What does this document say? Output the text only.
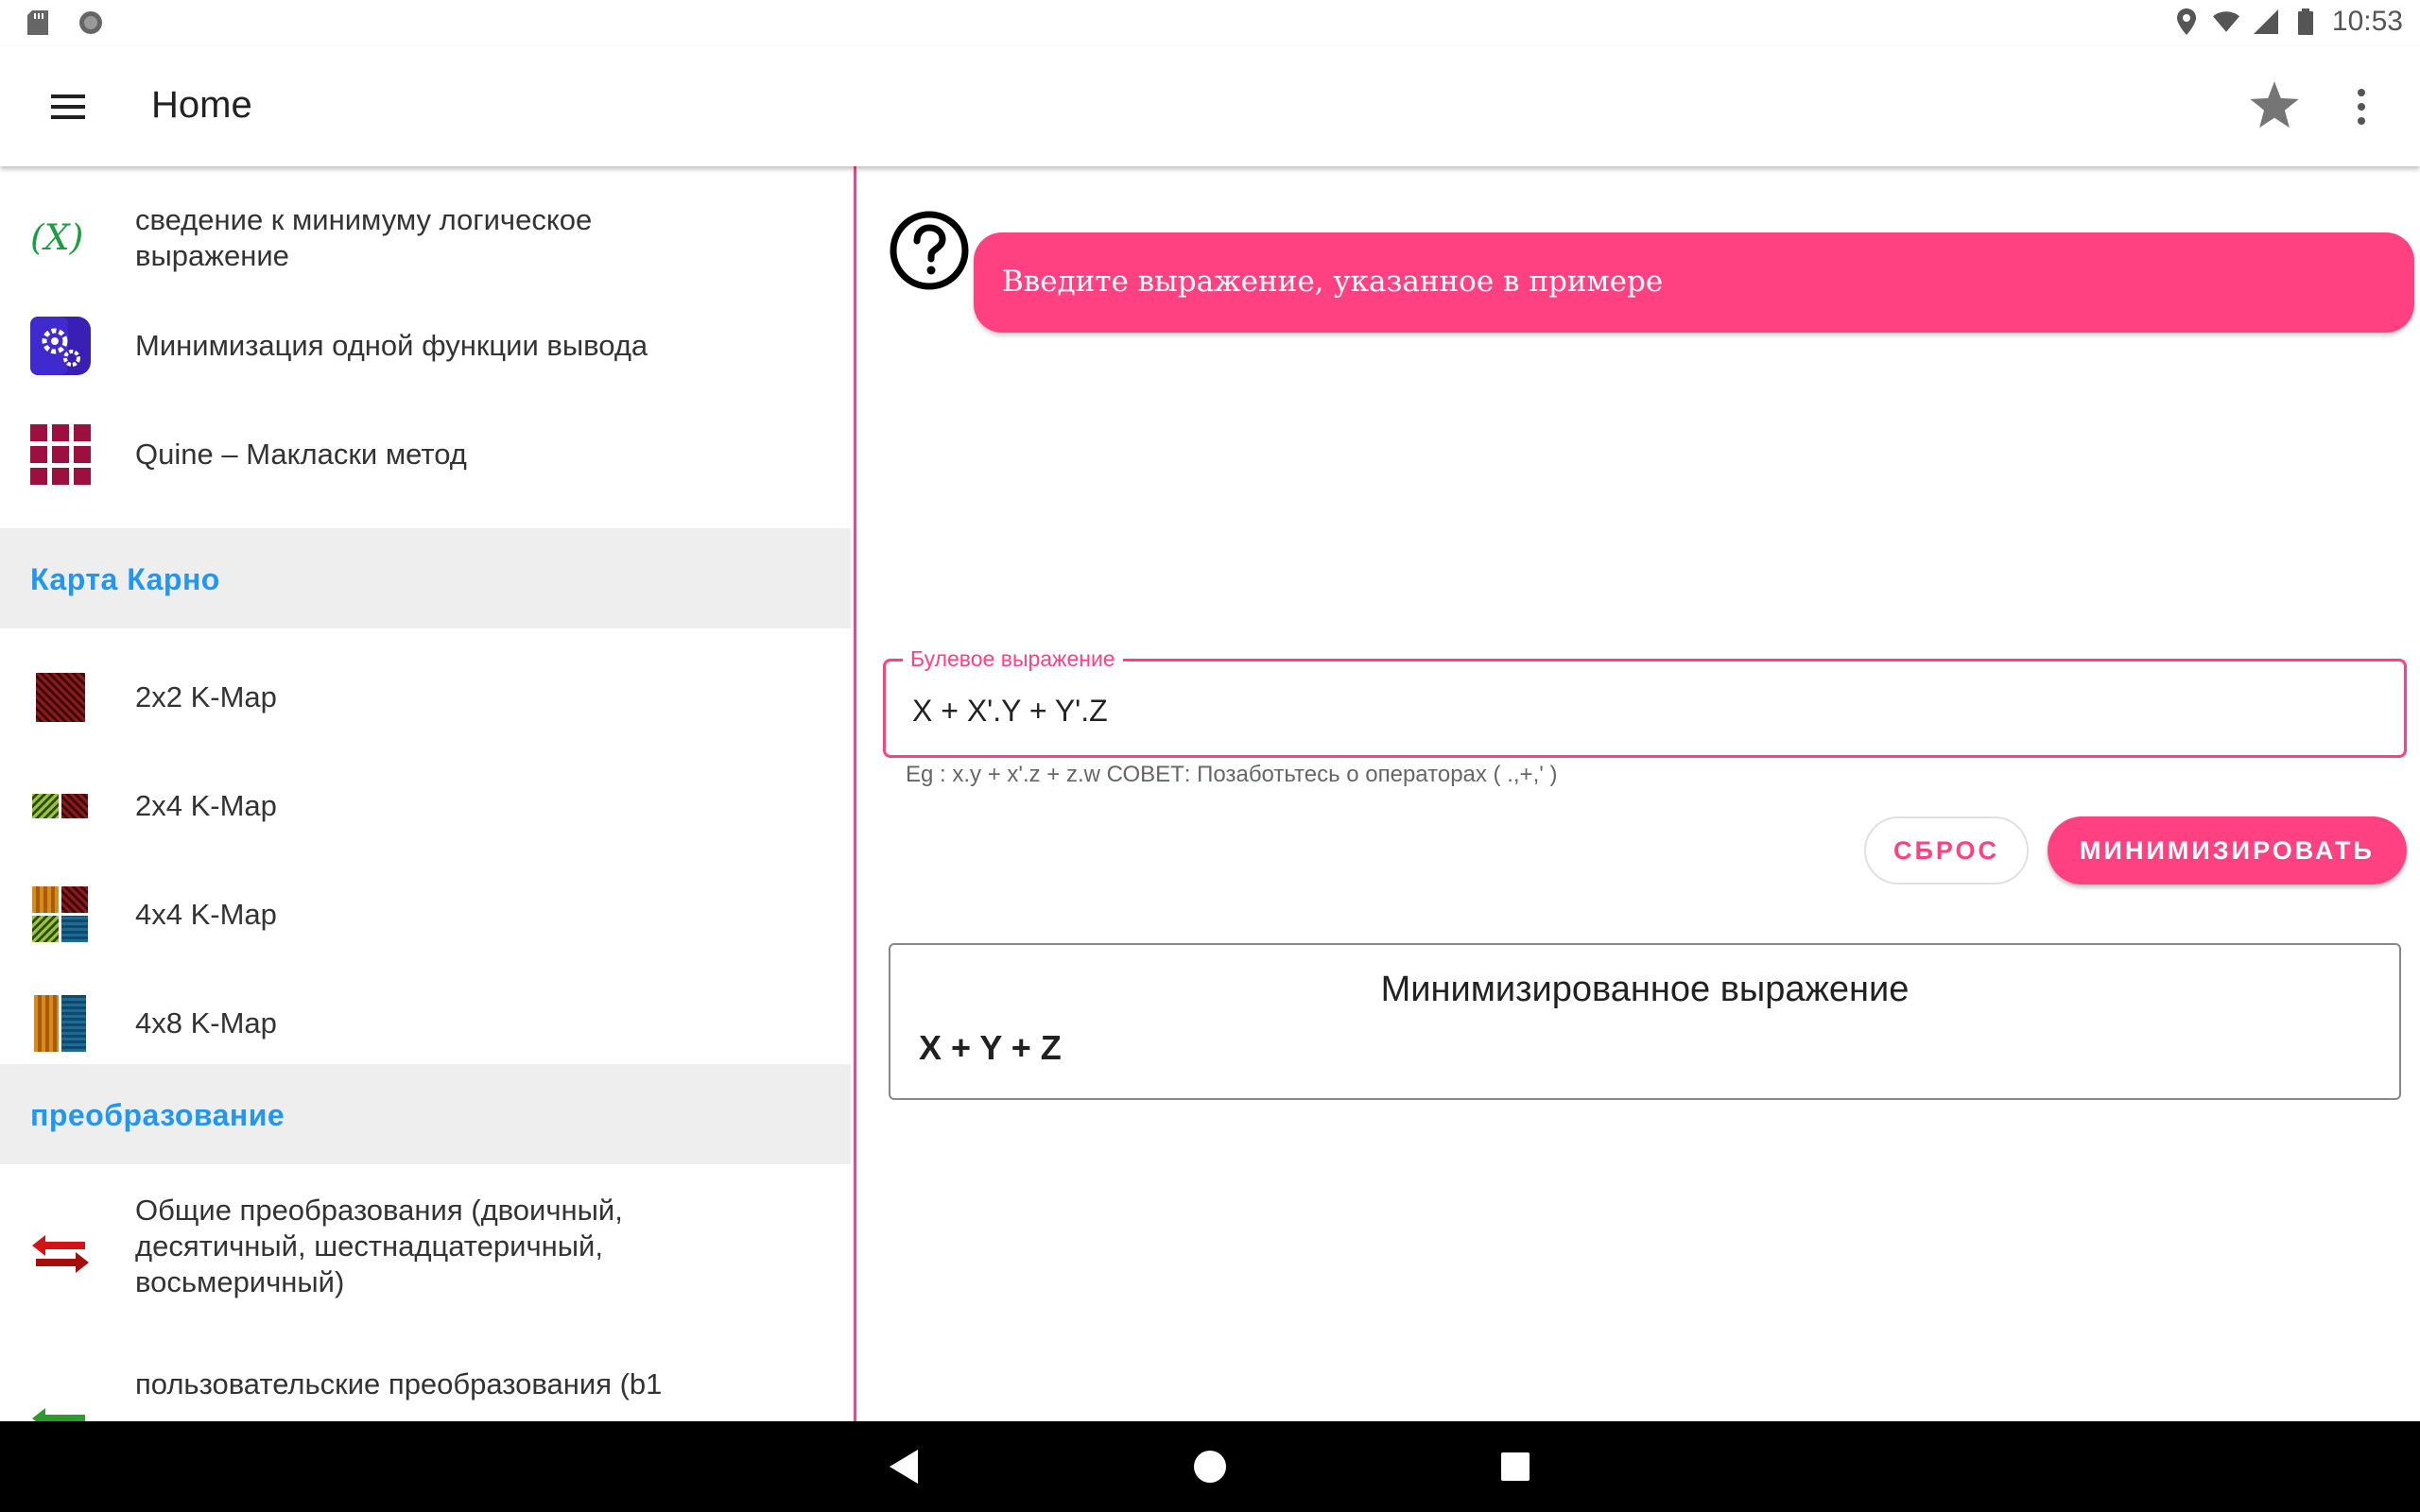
10:53
Home
(X) сведение к минимуму логическое
выражение
Минимизация одной функции вывода
Quine – Макласки метод
Карта Карно
2x2 K-Map
2x4 K-Map
4x4 K-Map
4x8 K-Map
преобразование
Общие преобразования (двоичный,
десятичный, шестнадцатеричный,
восьмеричный)
пользовательские преобразования (b1
Введите выражение, указанное в примере
Булевое выражение
X + X'.Y + Y'.Z
Eg : x.y + x'.z + z.w СОВЕТ: Позаботьтесь о операторах ( .,+,' )
СБРОС	МИНИМИЗИРОВАТЬ
Минимизированное выражение
X + Y + Z
